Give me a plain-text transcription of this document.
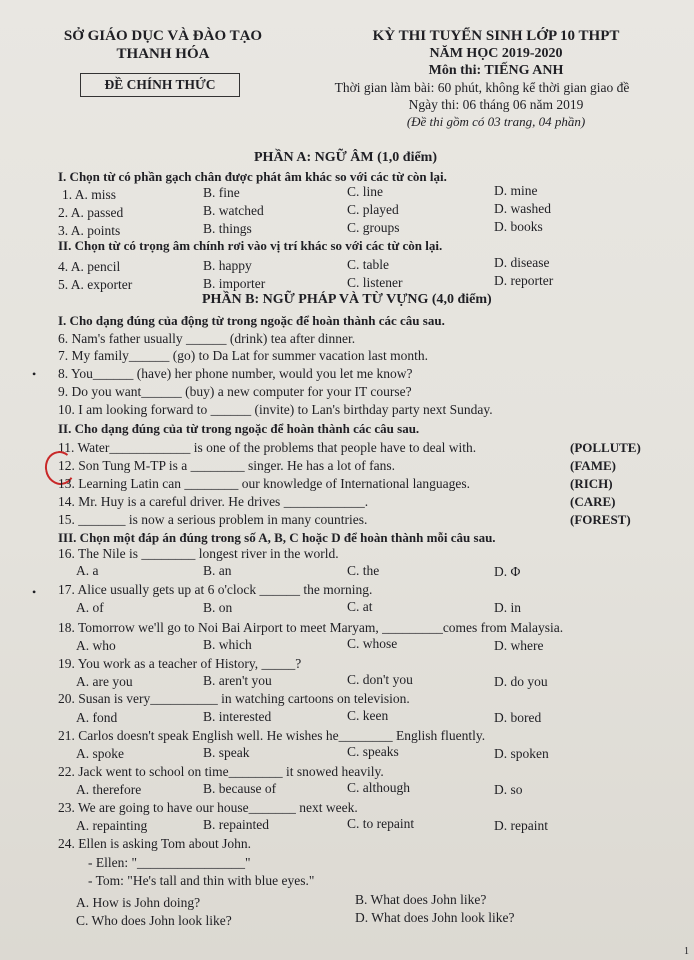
SỞ GIÁO DỤC VÀ ĐÀO TẠO
THANH HÓA
ĐỀ CHÍNH THỨC
KỲ THI TUYỂN SINH LỚP 10 THPT
NĂM HỌC 2019-2020
Môn thi: TIẾNG ANH
Thời gian làm bài: 60 phút, không kể thời gian giao đề
Ngày thi: 06 tháng 06 năm 2019
(Đề thi gồm có 03 trang, 04 phần)
PHẦN A: NGỮ ÂM (1,0 điểm)
I. Chọn từ có phần gạch chân được phát âm khác so với các từ còn lại.
1. A. miss	B. fine	C. line	D. mine
2. A. passed	B. watched	C. played	D. washed
3. A. points	B. things	C. groups	D. books
II. Chọn từ có trọng âm chính rơi vào vị trí khác so với các từ còn lại.
4. A. pencil	B. happy	C. table	D. disease
5. A. exporter	B. importer	C. listener	D. reporter
PHẦN B: NGỮ PHÁP VÀ TỪ VỰNG (4,0 điểm)
I. Cho dạng đúng của động từ trong ngoặc để hoàn thành các câu sau.
6. Nam's father usually ______ (drink) tea after dinner.
7. My family______ (go) to Da Lat for summer vacation last month.
• 8. You______ (have) her phone number, would you let me know?
9. Do you want______ (buy) a new computer for your IT course?
10. I am looking forward to ______ (invite) to Lan's birthday party next Sunday.
II. Cho dạng đúng của từ trong ngoặc để hoàn thành các câu sau.
11. Water____________ is one of the problems that people have to deal with.	(POLLUTE)
12. Son Tung M-TP is a ________ singer. He has a lot of fans.	(FAME)
13. Learning Latin can ________ our knowledge of International languages.	(RICH)
14. Mr. Huy is a careful driver. He drives ____________.	(CARE)
15. _______ is now a serious problem in many countries.	(FOREST)
III. Chọn một đáp án đúng trong số A, B, C hoặc D để hoàn thành mỗi câu sau.
16. The Nile is ________ longest river in the world.
A. a	B. an	C. the	D. Φ
• 17. Alice usually gets up at 6 o'clock ______ the morning.
A. of	B. on	C. at	D. in
18. Tomorrow we'll go to Noi Bai Airport to meet Maryam, _________comes from Malaysia.
A. who	B. which	C. whose	D. where
19. You work as a teacher of History, _____?
A. are you	B. aren't you	C. don't you	D. do you
20. Susan is very__________ in watching cartoons on television.
A. fond	B. interested	C. keen	D. bored
21. Carlos doesn't speak English well. He wishes he________ English fluently.
A. spoke	B. speak	C. speaks	D. spoken
22. Jack went to school on time________ it snowed heavily.
A. therefore	B. because of	C. although	D. so
23. We are going to have our house_______ next week.
A. repainting	B. repainted	C. to repaint	D. repaint
24. Ellen is asking Tom about John.
- Ellen: "________________"
- Tom: "He's tall and thin with blue eyes."
A. How is John doing?	B. What does John like?
C. Who does John look like?	D. What does John look like?
1
